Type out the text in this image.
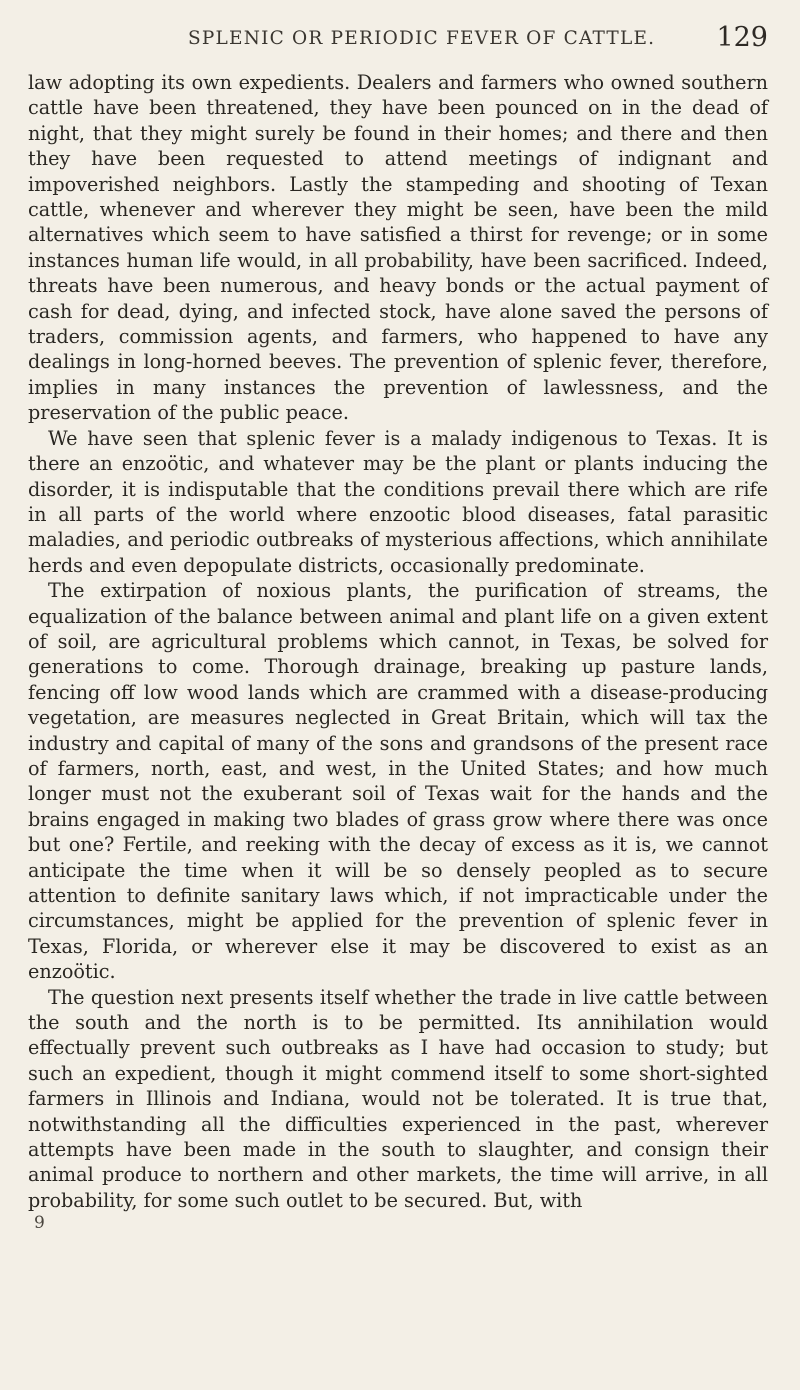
SPLENIC OR PERIODIC FEVER OF CATTLE. 129

law adopting its own expedients. Dealers and farmers who owned southern cattle have been threatened, they have been pounced on in the dead of night, that they might surely be found in their homes; and there and then they have been requested to attend meetings of indignant and impoverished neighbors. Lastly the stampeding and shooting of Texan cattle, whenever and wherever they might be seen, have been the mild alternatives which seem to have satisfied a thirst for revenge; or in some instances human life would, in all probability, have been sacrificed. Indeed, threats have been numerous, and heavy bonds or the actual payment of cash for dead, dying, and infected stock, have alone saved the persons of traders, commission agents, and farmers, who happened to have any dealings in long-horned beeves. The prevention of splenic fever, therefore, implies in many instances the prevention of lawlessness, and the preservation of the public peace.

We have seen that splenic fever is a malady indigenous to Texas. It is there an enzoötic, and whatever may be the plant or plants inducing the disorder, it is indisputable that the conditions prevail there which are rife in all parts of the world where enzootic blood diseases, fatal parasitic maladies, and periodic outbreaks of mysterious affections, which annihilate herds and even depopulate districts, occasionally predominate.

The extirpation of noxious plants, the purification of streams, the equalization of the balance between animal and plant life on a given extent of soil, are agricultural problems which cannot, in Texas, be solved for generations to come. Thorough drainage, breaking up pasture lands, fencing off low wood lands which are crammed with a disease-producing vegetation, are measures neglected in Great Britain, which will tax the industry and capital of many of the sons and grandsons of the present race of farmers, north, east, and west, in the United States; and how much longer must not the exuberant soil of Texas wait for the hands and the brains engaged in making two blades of grass grow where there was once but one? Fertile, and reeking with the decay of excess as it is, we cannot anticipate the time when it will be so densely peopled as to secure attention to definite sanitary laws which, if not impracticable under the circumstances, might be applied for the prevention of splenic fever in Texas, Florida, or wherever else it may be discovered to exist as an enzoötic.

The question next presents itself whether the trade in live cattle between the south and the north is to be permitted. Its annihilation would effectually prevent such outbreaks as I have had occasion to study; but such an expedient, though it might commend itself to some short-sighted farmers in Illinois and Indiana, would not be tolerated. It is true that, notwithstanding all the difficulties experienced in the past, wherever attempts have been made in the south to slaughter, and consign their animal produce to northern and other markets, the time will arrive, in all probability, for some such outlet to be secured. But, with

9
